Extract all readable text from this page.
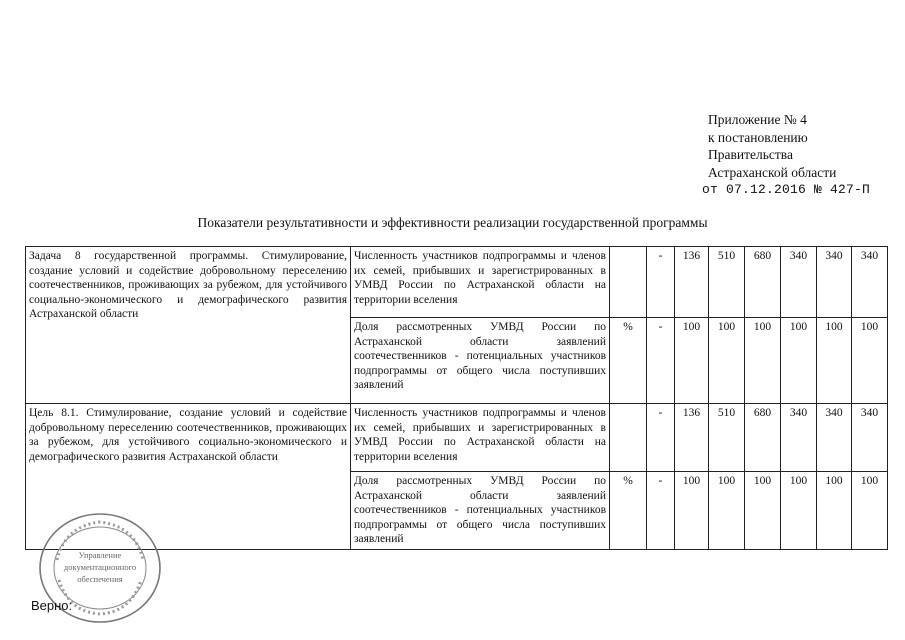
Приложение № 4
к постановлению
Правительства
Астраханской области
от 07.12.2016 № 427-П
Показатели результативности и эффективности реализации государственной программы
Задача 8 государственной программы. Стимулирование, создание условий и содействие добровольному переселению соотечественников, проживающих за рубежом, для устойчивого социально-экономического и демографического развития Астраханской области	Численность участников подпрограммы и членов их семей, прибывших и зарегистрированных в УМВД России по Астраханской области на территории вселения		-	136	510	680	340	340	340
	Доля рассмотренных УМВД России по Астраханской области заявлений соотечественников - потенциальных участников подпрограммы от общего числа поступивших заявлений	%	-	100	100	100	100	100	100
Цель 8.1. Стимулирование, создание условий и содействие добровольному переселению соотечественников, проживающих за рубежом, для устойчивого социально-экономического и демографического развития Астраханской области	Численность участников подпрограммы и членов их семей, прибывших и зарегистрированных в УМВД России по Астраханской области на территории вселения		-	136	510	680	340	340	340
	Доля рассмотренных УМВД России по Астраханской области заявлений соотечественников - потенциальных участников подпрограммы от общего числа поступивших заявлений	%	-	100	100	100	100	100	100
Управление
документационного
обеспечения
Верно:
